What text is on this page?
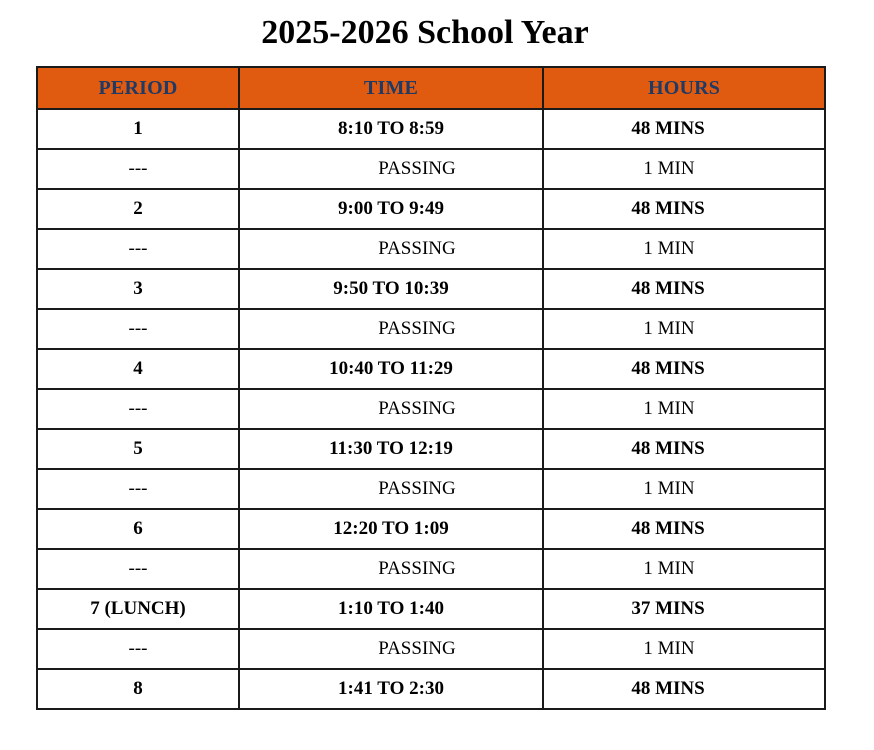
2025-2026 School Year
PERIOD	TIME	HOURS
1	8:10 TO 8:59	48 MINS
---	PASSING	1 MIN
2	9:00 TO 9:49	48 MINS
---	PASSING	1 MIN
3	9:50 TO 10:39	48 MINS
---	PASSING	1 MIN
4	10:40 TO 11:29	48 MINS
---	PASSING	1 MIN
5	11:30 TO 12:19	48 MINS
---	PASSING	1 MIN
6	12:20 TO 1:09	48 MINS
---	PASSING	1 MIN
7 (LUNCH)	1:10 TO 1:40	37 MINS
---	PASSING	1 MIN
8	1:41 TO 2:30	48 MINS
